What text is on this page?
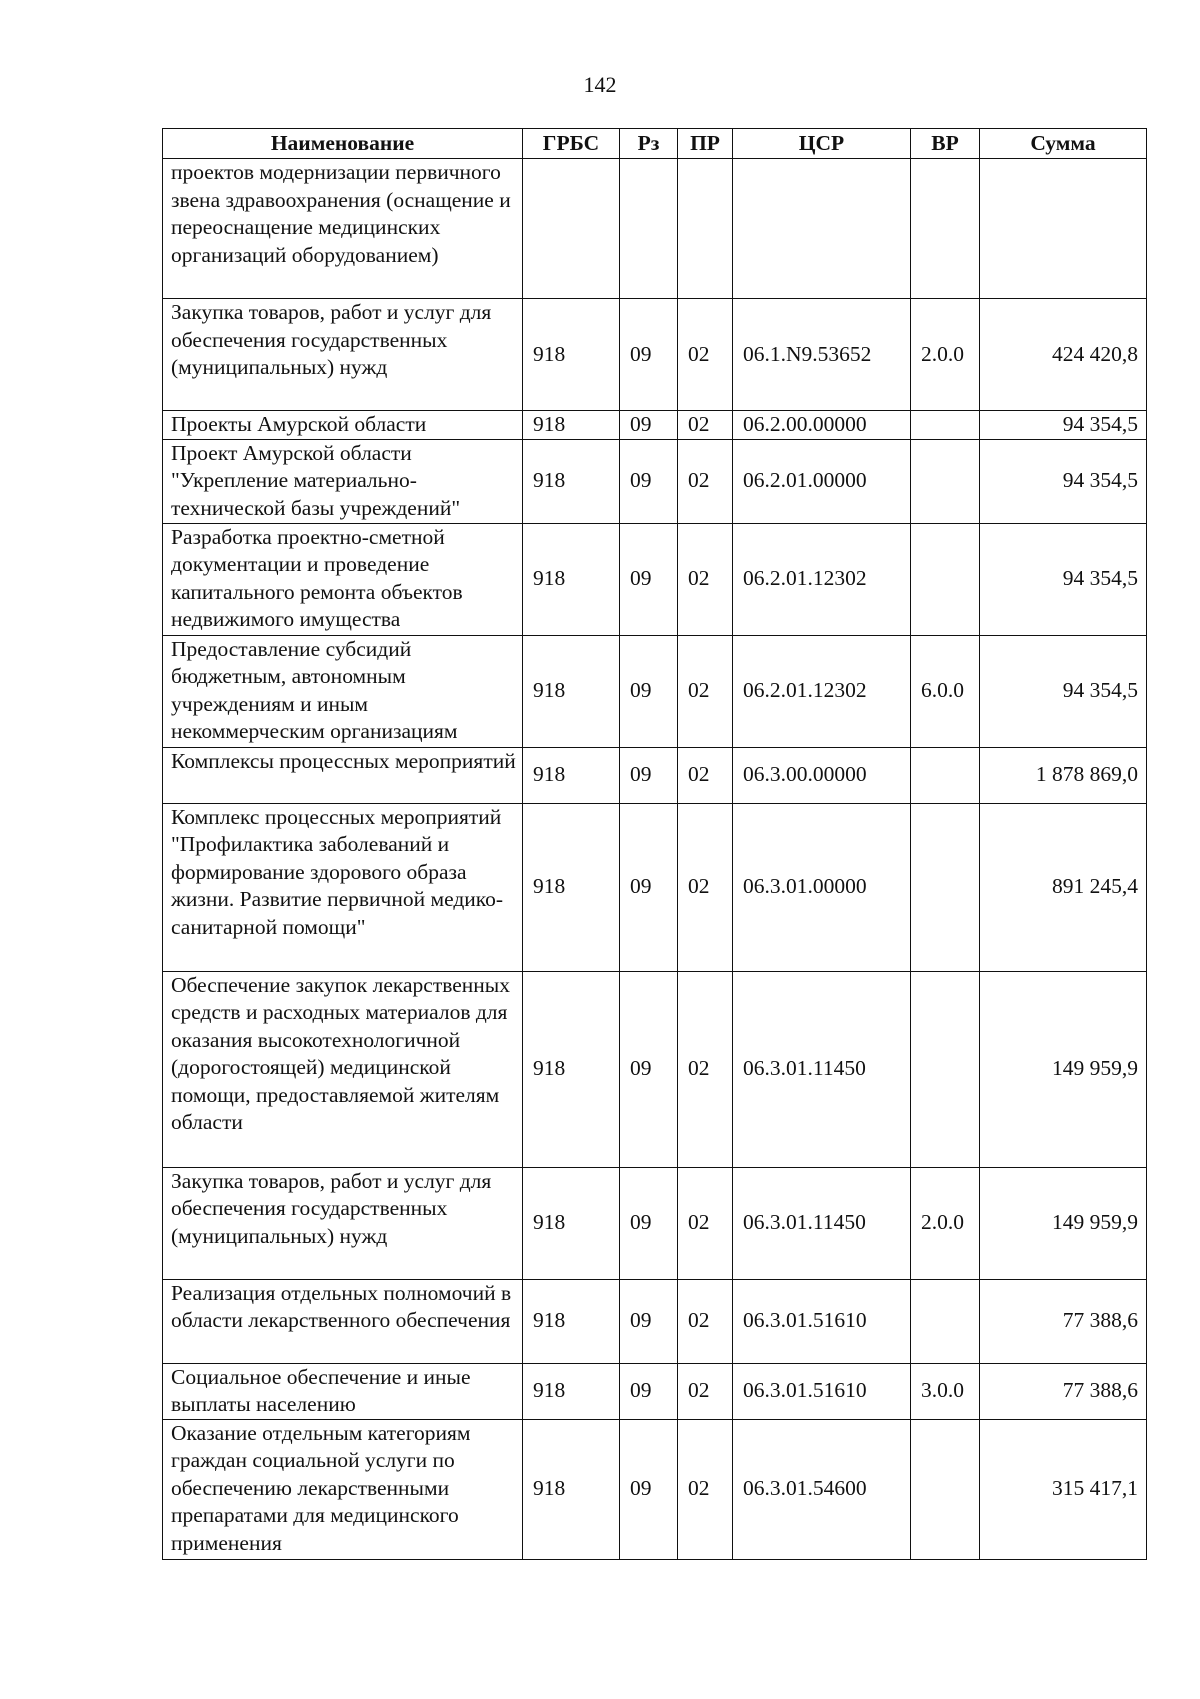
142
Наименование	ГРБС	Рз	ПР	ЦСР	ВР	Сумма
проектов модернизации первичного звена здравоохранения (оснащение и переоснащение медицинских организаций оборудованием)						
Закупка товаров, работ и услуг для обеспечения государственных (муниципальных) нужд	918	09	02	06.1.N9.53652	2.0.0	424 420,8
Проекты Амурской области	918	09	02	06.2.00.00000		94 354,5
Проект Амурской области "Укрепление материально-технической базы учреждений"	918	09	02	06.2.01.00000		94 354,5
Разработка проектно-сметной документации и проведение капитального ремонта объектов недвижимого имущества	918	09	02	06.2.01.12302		94 354,5
Предоставление субсидий бюджетным, автономным учреждениям и иным некоммерческим организациям	918	09	02	06.2.01.12302	6.0.0	94 354,5
Комплексы процессных мероприятий	918	09	02	06.3.00.00000		1 878 869,0
Комплекс процессных мероприятий "Профилактика заболеваний и формирование здорового образа жизни. Развитие первичной медико-санитарной помощи"	918	09	02	06.3.01.00000		891 245,4
Обеспечение закупок лекарственных средств и расходных материалов для оказания высокотехнологичной (дорогостоящей) медицинской помощи, предоставляемой жителям области	918	09	02	06.3.01.11450		149 959,9
Закупка товаров, работ и услуг для обеспечения государственных (муниципальных) нужд	918	09	02	06.3.01.11450	2.0.0	149 959,9
Реализация отдельных полномочий в области лекарственного обеспечения	918	09	02	06.3.01.51610		77 388,6
Социальное обеспечение и иные выплаты населению	918	09	02	06.3.01.51610	3.0.0	77 388,6
Оказание отдельным категориям граждан социальной услуги по обеспечению лекарственными препаратами для медицинского применения	918	09	02	06.3.01.54600		315 417,1
